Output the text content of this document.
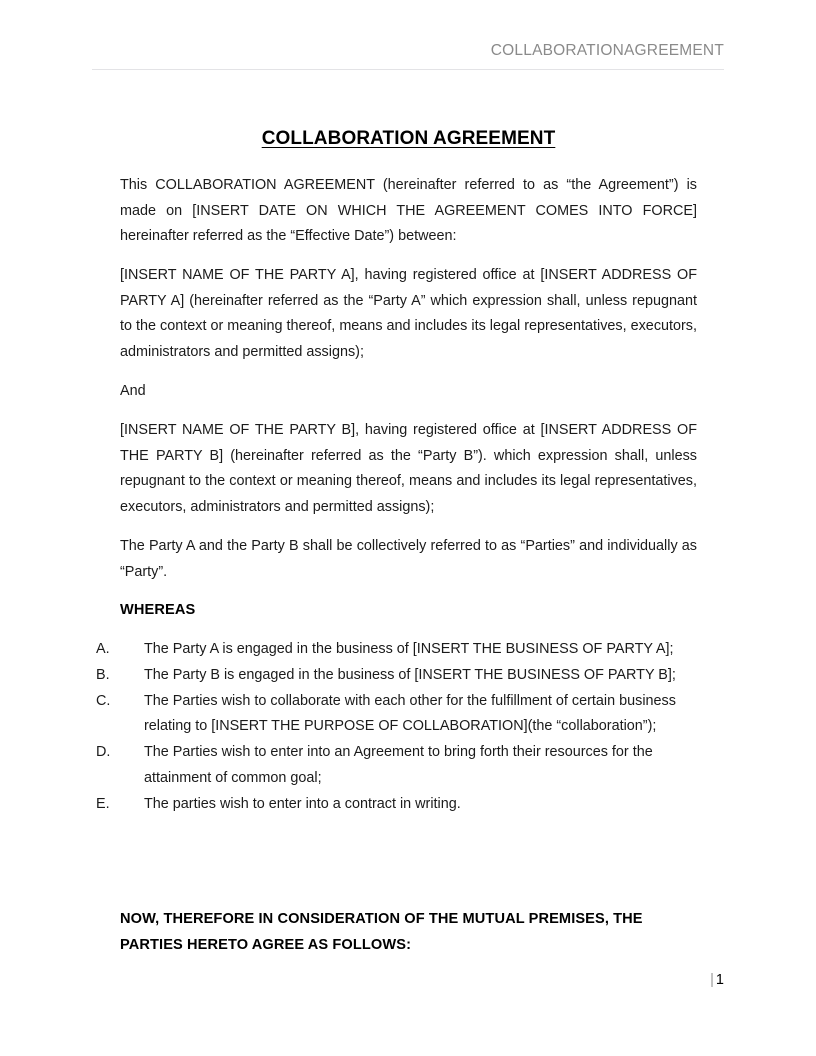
COLLABORATIONAGREEMENT
COLLABORATION AGREEMENT
This COLLABORATION AGREEMENT (hereinafter referred to as “the Agreement”) is made on [INSERT DATE ON WHICH THE AGREEMENT COMES INTO FORCE] hereinafter referred as the “Effective Date”) between:
[INSERT NAME OF THE PARTY A], having registered office at [INSERT ADDRESS OF PARTY A] (hereinafter referred as the “Party A” which expression shall, unless repugnant to the context or meaning thereof, means and includes its legal representatives, executors, administrators and permitted assigns);
And
[INSERT NAME OF THE PARTY B], having registered office at [INSERT ADDRESS OF THE PARTY B] (hereinafter referred as the “Party B”). which expression shall, unless repugnant to the context or meaning thereof, means and includes its legal representatives, executors, administrators and permitted assigns);
The Party A and the Party B shall be collectively referred to as “Parties” and individually as “Party”.
WHEREAS
A.	The Party A is engaged in the business of [INSERT THE BUSINESS OF PARTY A];
B.	The Party B is engaged in the business of [INSERT THE BUSINESS OF PARTY B];
C.	The Parties wish to collaborate with each other for the fulfillment of certain business relating to [INSERT THE PURPOSE OF COLLABORATION](the “collaboration”);
D.	The Parties wish to enter into an Agreement to bring forth their resources for the attainment of common goal;
E.	The parties wish to enter into a contract in writing.
NOW, THEREFORE IN CONSIDERATION OF THE MUTUAL PREMISES, THE PARTIES HERETO AGREE AS FOLLOWS:
| 1
